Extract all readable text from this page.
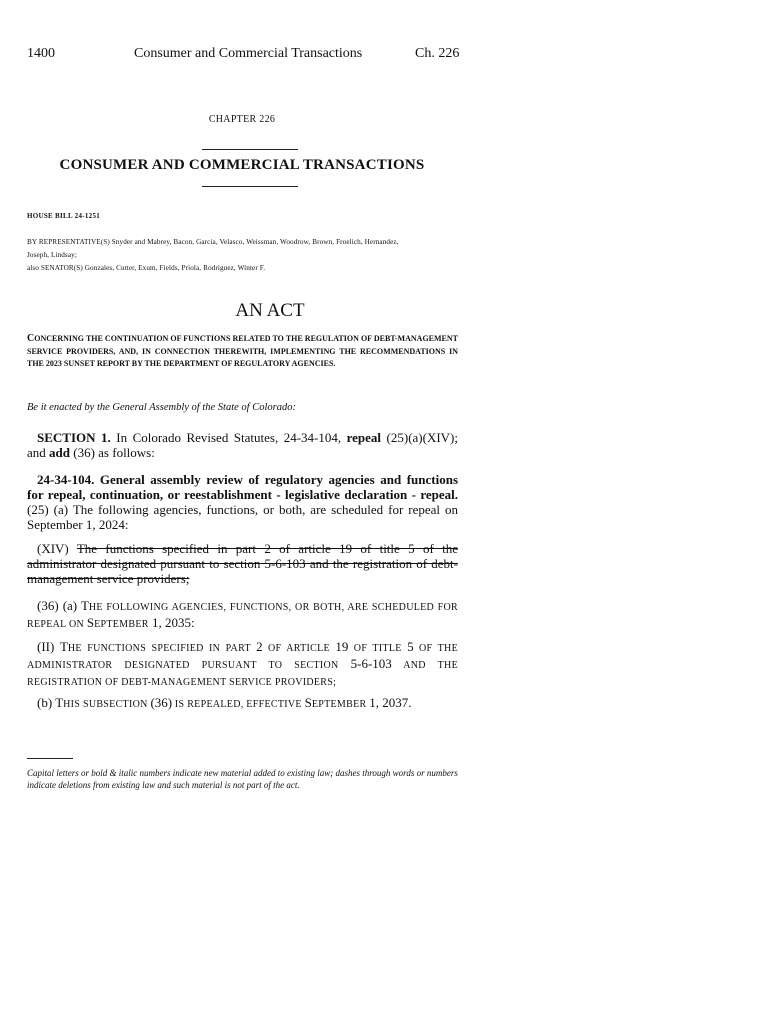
1400	Consumer and Commercial Transactions	Ch. 226
CHAPTER 226
CONSUMER AND COMMERCIAL TRANSACTIONS
HOUSE BILL 24-1251
BY REPRESENTATIVE(S) Snyder and Mabrey, Bacon, Garcia, Velasco, Weissman, Woodrow, Brown, Froelich, Hernandez,
Joseph, Lindsay;
also SENATOR(S) Gonzales, Cutter, Exum, Fields, Priola, Rodriguez, Winter F.
AN ACT
CONCERNING THE CONTINUATION OF FUNCTIONS RELATED TO THE REGULATION OF DEBT-MANAGEMENT SERVICE PROVIDERS, AND, IN CONNECTION THEREWITH, IMPLEMENTING THE RECOMMENDATIONS IN THE 2023 SUNSET REPORT BY THE DEPARTMENT OF REGULATORY AGENCIES.
Be it enacted by the General Assembly of the State of Colorado:
SECTION 1. In Colorado Revised Statutes, 24-34-104, repeal (25)(a)(XIV); and add (36) as follows:
24-34-104. General assembly review of regulatory agencies and functions for repeal, continuation, or reestablishment - legislative declaration - repeal. (25) (a) The following agencies, functions, or both, are scheduled for repeal on September 1, 2024:
(XIV) The functions specified in part 2 of article 19 of title 5 of the administrator designated pursuant to section 5-6-103 and the registration of debt-management service providers;
(36) (a) THE FOLLOWING AGENCIES, FUNCTIONS, OR BOTH, ARE SCHEDULED FOR REPEAL ON SEPTEMBER 1, 2035:
(II) THE FUNCTIONS SPECIFIED IN PART 2 OF ARTICLE 19 OF TITLE 5 OF THE ADMINISTRATOR DESIGNATED PURSUANT TO SECTION 5-6-103 AND THE REGISTRATION OF DEBT-MANAGEMENT SERVICE PROVIDERS;
(b) THIS SUBSECTION (36) IS REPEALED, EFFECTIVE SEPTEMBER 1, 2037.
Capital letters or bold & italic numbers indicate new material added to existing law; dashes through words or numbers indicate deletions from existing law and such material is not part of the act.
